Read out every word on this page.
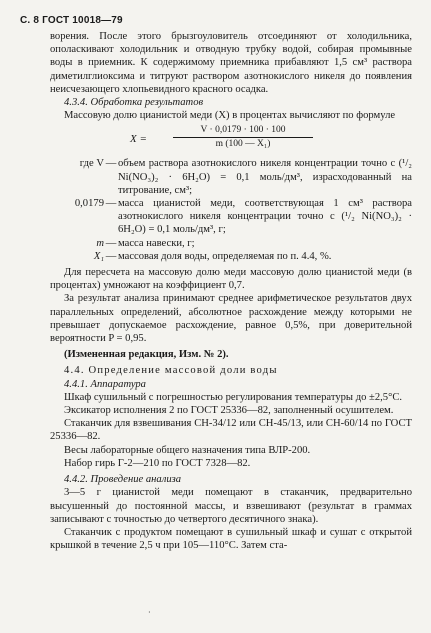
С. 8 ГОСТ 10018—79

ворения. После этого брызгоуловитель отсоединяют от холодильника, ополаскивают холодильник и отводную трубку водой, собирая промывные воды в приемник. К содержимому приемника прибавляют 1,5 см³ раствора диметилглиоксима и титруют раствором азотнокислого никеля до появления неисчезающего хлопьевидного красного осадка.

4.3.4. Обработка результатов

Массовую долю цианистой меди (X) в процентах вычисляют по формуле

X =	$\frac{V \cdot 0,0179 \cdot 100 \cdot 100}{\text{m (100 — X₁)}}$
где V — объем раствора азотнокислого никеля концентрации точно c (¹/₂ Ni(NO₃)₂ · 6H₂O) = 0,1 моль/дм³, израсходованный на титрование, см³;
0,0179 — масса цианистой меди, соответствующая 1 см³ раствора азотнокислого никеля концентрации точно c (¹/₂ Ni(NO₃)₂ · 6H₂O) = 0,1 моль/дм³, г;
m — масса навески, г;
X₁ — массовая доля воды, определяемая по п. 4.4, %.

Для пересчета на массовую долю меди массовую долю цианистой меди (в процентах) умножают на коэффициент 0,7.

За результат анализа принимают среднее арифметическое результатов двух параллельных определений, абсолютное расхождение между которыми не превышает допускаемое расхождение, равное 0,5%, при доверительной вероятности P = 0,95.

(Измененная редакция, Изм. № 2).

4.4. Определение массовой доли воды

4.4.1. Аппаратура

Шкаф сушильный с погрешностью регулирования температуры до ±2,5°С.

Эксикатор исполнения 2 по ГОСТ 25336—82, заполненный осушителем.

Стаканчик для взвешивания СН-34/12 или СН-45/13, или СН-60/14 по ГОСТ 25336—82.

Весы лабораторные общего назначения типа ВЛР-200.

Набор гирь Г-2—210 по ГОСТ 7328—82.

4.4.2. Проведение анализа

3—5 г цианистой меди помещают в стаканчик, предварительно высушенный до постоянной массы, и взвешивают (результат в граммах записывают с точностью до четвертого десятичного знака).

Стаканчик с продуктом помещают в сушильный шкаф и сушат с открытой крышкой в течение 2,5 ч при 105—110°С. Затем ста-

·
